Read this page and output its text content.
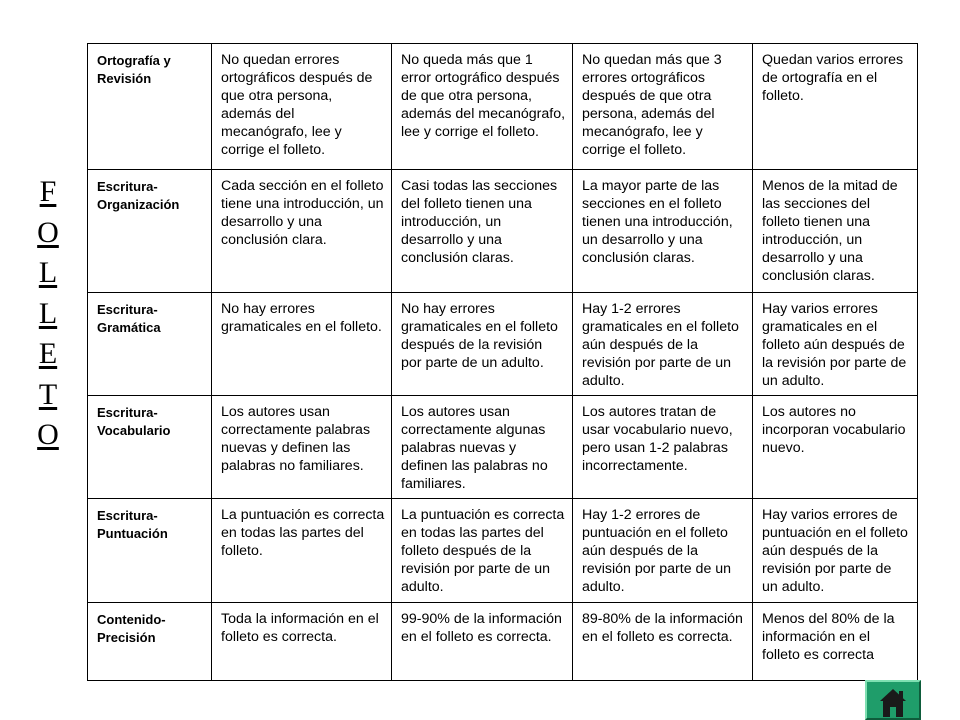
F
O
L
L
E
T
O
Ortografía y Revisión	No quedan errores ortográficos después de que otra persona, además del mecanógrafo, lee y corrige el folleto.	No queda más que 1 error ortográfico después de que otra persona, además del mecanógrafo, lee y corrige el folleto.	No quedan más que 3 errores ortográficos después de que otra persona, además del mecanógrafo, lee y corrige el folleto.	Quedan varios errores de ortografía en el folleto.
Escritura- Organización	Cada sección en el folleto tiene una introducción, un desarrollo y una conclusión clara.	Casi todas las secciones del folleto tienen una introducción, un desarrollo y una conclusión claras.	La mayor parte de las secciones en el folleto tienen una introducción, un desarrollo y una conclusión claras.	Menos de la mitad de las secciones del folleto tienen una introducción, un desarrollo y una conclusión claras.
Escritura- Gramática	No hay errores gramaticales en el folleto.	No hay errores gramaticales en el folleto después de la revisión por parte de un adulto.	Hay 1-2 errores gramaticales en el folleto aún después de la revisión por parte de un adulto.	Hay varios errores gramaticales en el folleto aún después de la revisión por parte de un adulto.
Escritura- Vocabulario	Los autores usan correctamente palabras nuevas y definen las palabras no familiares.	Los autores usan correctamente algunas palabras nuevas y definen las palabras no familiares.	Los autores tratan de usar vocabulario nuevo, pero usan 1-2 palabras incorrectamente.	Los autores no incorporan vocabulario nuevo.
Escritura- Puntuación	La puntuación es correcta en todas las partes del folleto.	La puntuación es correcta en todas las partes del folleto después de la revisión por parte de un adulto.	Hay 1-2 errores de puntuación en el folleto aún después de la revisión por parte de un adulto.	Hay varios errores de puntuación en el folleto aún después de la revisión por parte de un adulto.
Contenido- Precisión	Toda la información en el folleto es correcta.	99-90% de la información en el folleto es correcta.	89-80% de la información en el folleto es correcta.	Menos del 80% de la información en el folleto es correcta
